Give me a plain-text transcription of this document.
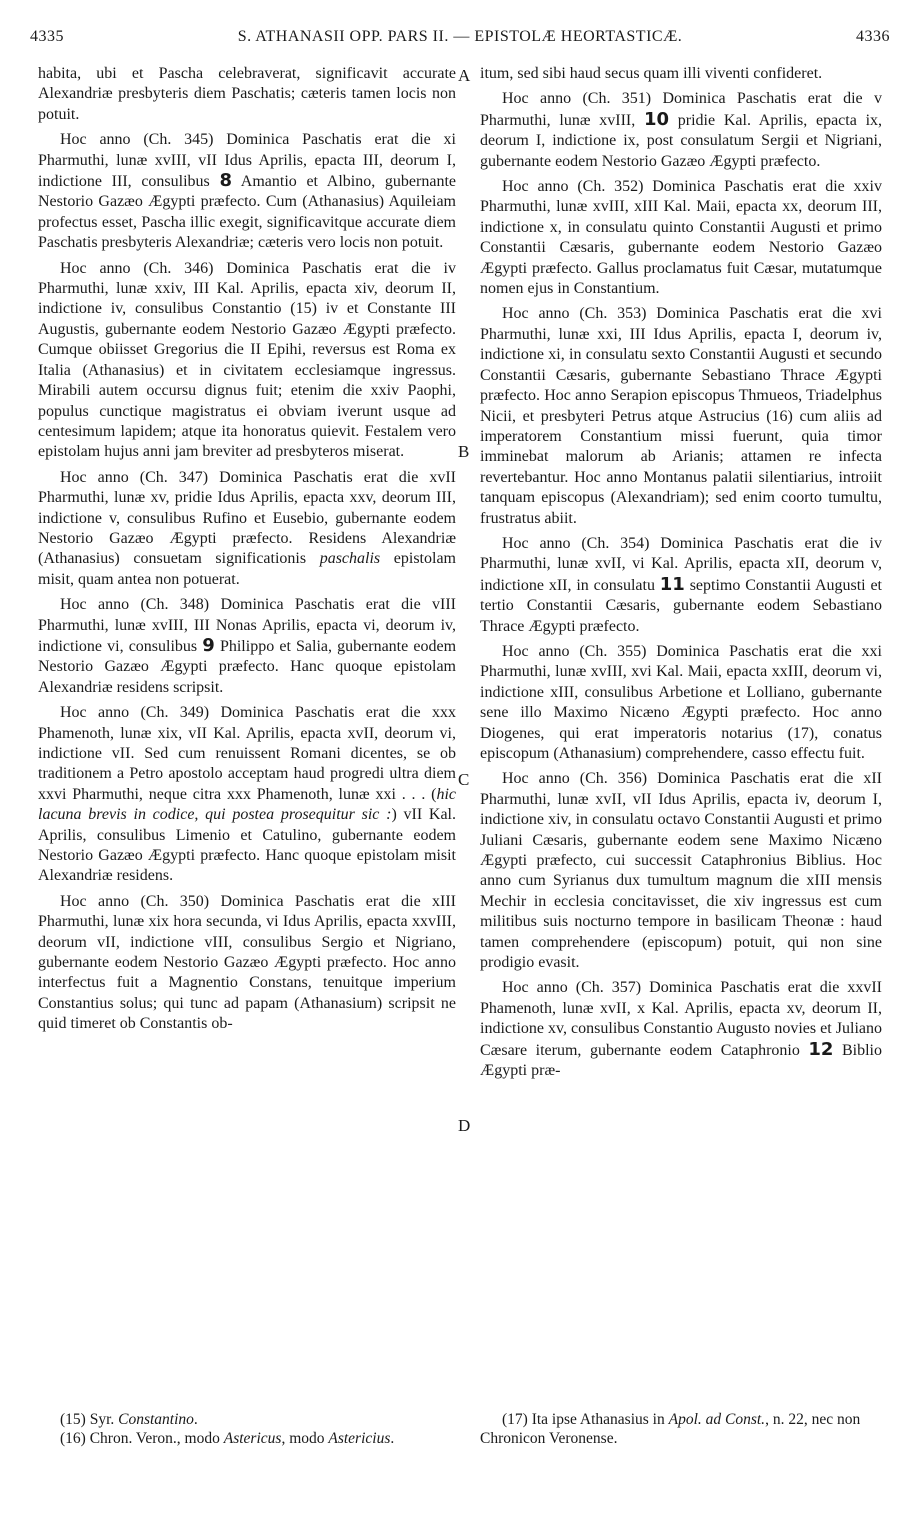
4335	S. ATHANASII OPP. PARS II. — EPISTOLÆ HEORTASTICÆ.	4336

habita, ubi et Pascha celebraverat, significavit accurate Alexandriæ presbyteris diem Paschatis; cæteris tamen locis non potuit.

Hoc anno (Ch. 345) Dominica Paschatis erat die xi Pharmuthi, lunæ xvIII, vII Idus Aprilis, epacta III, deorum I, indictione III, consulibus 8 Amantio et Albino, gubernante Nestorio Gazæo Ægypti præfecto. Cum (Athanasius) Aquileiam profectus esset, Pascha illic exegit, significavitque accurate diem Paschatis presbyteris Alexandriæ; cæteris vero locis non potuit.

Hoc anno (Ch. 346) Dominica Paschatis erat die iv Pharmuthi, lunæ xxiv, III Kal. Aprilis, epacta xiv, deorum II, indictione iv, consulibus Constantio (15) iv et Constante III Augustis, gubernante eodem Nestorio Gazæo Ægypti præfecto. Cumque obiisset Gregorius die II Epihi, reversus est Roma ex Italia (Athanasius) et in civitatem ecclesiamque ingressus. Mirabili autem occursu dignus fuit; etenim die xxiv Paophi, populus cunctique magistratus ei obviam iverunt usque ad centesimum lapidem; atque ita honoratus quievit. Festalem vero epistolam hujus anni jam breviter ad presbyteros miserat.

Hoc anno (Ch. 347) Dominica Paschatis erat die xvII Pharmuthi, lunæ xv, pridie Idus Aprilis, epacta xxv, deorum III, indictione v, consulibus Rufino et Eusebio, gubernante eodem Nestorio Gazæo Ægypti præfecto. Residens Alexandriæ (Athanasius) consuetam significationis paschalis epistolam misit, quam antea non potuerat.

Hoc anno (Ch. 348) Dominica Paschatis erat die vIII Pharmuthi, lunæ xvIII, III Nonas Aprilis, epacta vi, deorum iv, indictione vi, consulibus 9 Philippo et Salia, gubernante eodem Nestorio Gazæo Ægypti præfecto. Hanc quoque epistolam Alexandriæ residens scripsit.

Hoc anno (Ch. 349) Dominica Paschatis erat die xxx Phamenoth, lunæ xix, vII Kal. Aprilis, epacta xvII, deorum vi, indictione vII. Sed cum renuissent Romani dicentes, se ob traditionem a Petro apostolo acceptam haud progredi ultra diem xxvi Pharmuthi, neque citra xxx Phamenoth, lunæ xxi . . . (hic lacuna brevis in codice, qui postea prosequitur sic :) vII Kal. Aprilis, consulibus Limenio et Catulino, gubernante eodem Nestorio Gazæo Ægypti præfecto. Hanc quoque epistolam misit Alexandriæ residens.

Hoc anno (Ch. 350) Dominica Paschatis erat die xIII Pharmuthi, lunæ xix hora secunda, vi Idus Aprilis, epacta xxvIII, deorum vII, indictione vIII, consulibus Sergio et Nigriano, gubernante eodem Nestorio Gazæo Ægypti præfecto. Hoc anno interfectus fuit a Magnentio Constans, tenuitque imperium Constantius solus; qui tunc ad papam (Athanasium) scripsit ne quid timeret ob Constantis ob-

A
B
C
D

itum, sed sibi haud secus quam illi viventi confideret.

Hoc anno (Ch. 351) Dominica Paschatis erat die v Pharmuthi, lunæ xvIII, 10 pridie Kal. Aprilis, epacta ix, deorum I, indictione ix, post consulatum Sergii et Nigriani, gubernante eodem Nestorio Gazæo Ægypti præfecto.

Hoc anno (Ch. 352) Dominica Paschatis erat die xxiv Pharmuthi, lunæ xvIII, xIII Kal. Maii, epacta xx, deorum III, indictione x, in consulatu quinto Constantii Augusti et primo Constantii Cæsaris, gubernante eodem Nestorio Gazæo Ægypti præfecto. Gallus proclamatus fuit Cæsar, mutatumque nomen ejus in Constantium.

Hoc anno (Ch. 353) Dominica Paschatis erat die xvi Pharmuthi, lunæ xxi, III Idus Aprilis, epacta I, deorum iv, indictione xi, in consulatu sexto Constantii Augusti et secundo Constantii Cæsaris, gubernante Sebastiano Thrace Ægypti præfecto. Hoc anno Serapion episcopus Thmueos, Triadelphus Nicii, et presbyteri Petrus atque Astrucius (16) cum aliis ad imperatorem Constantium missi fuerunt, quia timor imminebat malorum ab Arianis; attamen re infecta revertebantur. Hoc anno Montanus palatii silentiarius, introiit tanquam episcopus (Alexandriam); sed enim coorto tumultu, frustratus abiit.

Hoc anno (Ch. 354) Dominica Paschatis erat die iv Pharmuthi, lunæ xvII, vi Kal. Aprilis, epacta xII, deorum v, indictione xII, in consulatu 11 septimo Constantii Augusti et tertio Constantii Cæsaris, gubernante eodem Sebastiano Thrace Ægypti præfecto.

Hoc anno (Ch. 355) Dominica Paschatis erat die xxi Pharmuthi, lunæ xvIII, xvi Kal. Maii, epacta xxIII, deorum vi, indictione xIII, consulibus Arbetione et Lolliano, gubernante sene illo Maximo Nicæno Ægypti præfecto. Hoc anno Diogenes, qui erat imperatoris notarius (17), conatus episcopum (Athanasium) comprehendere, casso effectu fuit.

Hoc anno (Ch. 356) Dominica Paschatis erat die xII Pharmuthi, lunæ xvII, vII Idus Aprilis, epacta iv, deorum I, indictione xiv, in consulatu octavo Constantii Augusti et primo Juliani Cæsaris, gubernante eodem sene Maximo Nicæno Ægypti præfecto, cui successit Cataphronius Biblius. Hoc anno cum Syrianus dux tumultum magnum die xIII mensis Mechir in ecclesia concitavisset, die xiv ingressus est cum militibus suis nocturno tempore in basilicam Theonæ : haud tamen comprehendere (episcopum) potuit, qui non sine prodigio evasit.

Hoc anno (Ch. 357) Dominica Paschatis erat die xxvII Phamenoth, lunæ xvII, x Kal. Aprilis, epacta xv, deorum II, indictione xv, consulibus Constantio Augusto novies et Juliano Cæsare iterum, gubernante eodem Cataphronio 12 Biblio Ægypti præ-

(15) Syr. Constantino.

(16) Chron. Veron., modo Astericus, modo Astericius.

(17) Ita ipse Athanasius in Apol. ad Const., n. 22, nec non Chronicon Veronense.
